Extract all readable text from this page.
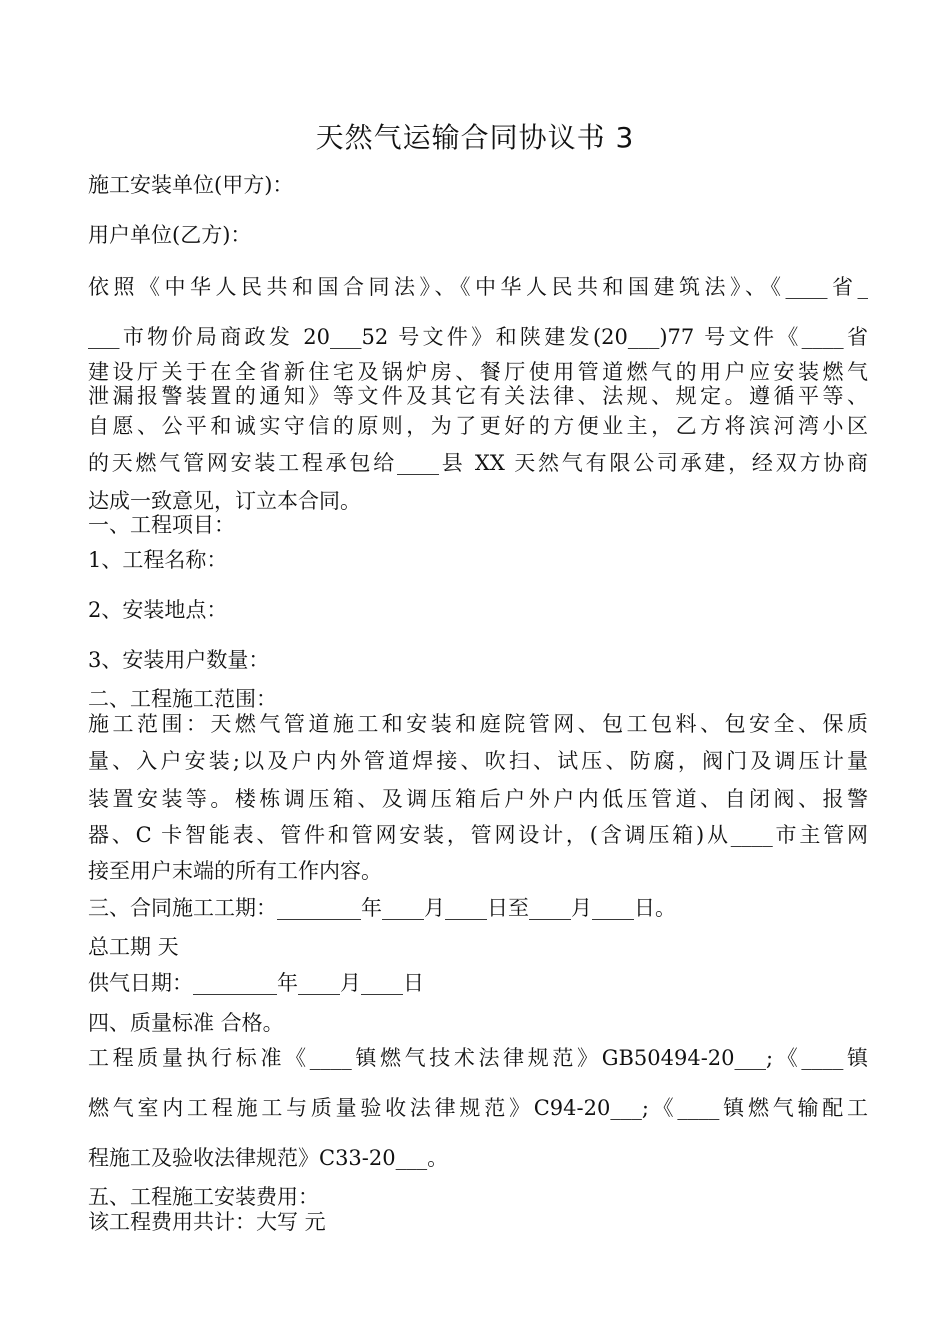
天然气运输合同协议书 3
施工安装单位(甲方)：
用户单位(乙方)：
依照《中华人民共和国合同法》、《中华人民共和国建筑法》、《____省_
___市物价局商政发 20___52 号文件》和陕建发(20___)77 号文件《____省
建设厅关于在全省新住宅及锅炉房、餐厅使用管道燃气的用户应安装燃气
泄漏报警装置的通知》等文件及其它有关法律、法规、规定。遵循平等、
自愿、公平和诚实守信的原则，为了更好的方便业主，乙方将滨河湾小区
的天燃气管网安装工程承包给____县 XX 天然气有限公司承建，经双方协商
达成一致意见，订立本合同。
一、工程项目：
1、工程名称：
2、安装地点：
3、安装用户数量：
二、工程施工范围：
施工范围：天燃气管道施工和安装和庭院管网、包工包料、包安全、保质
量、入户安装;以及户内外管道焊接、吹扫、试压、防腐，阀门及调压计量
装置安装等。楼栋调压箱、及调压箱后户外户内低压管道、自闭阀、报警
器、C 卡智能表、管件和管网安装，管网设计，(含调压箱)从____市主管网
接至用户末端的所有工作内容。
三、合同施工工期：________年____月____日至____月____日。
总工期 天
供气日期：________年____月____日
四、质量标准 合格。
工程质量执行标准《____镇燃气技术法律规范》GB50494-20___;《____镇
燃气室内工程施工与质量验收法律规范》C94-20___;《____镇燃气输配工
程施工及验收法律规范》C33-20___。
五、工程施工安装费用：
该工程费用共计：大写 元
